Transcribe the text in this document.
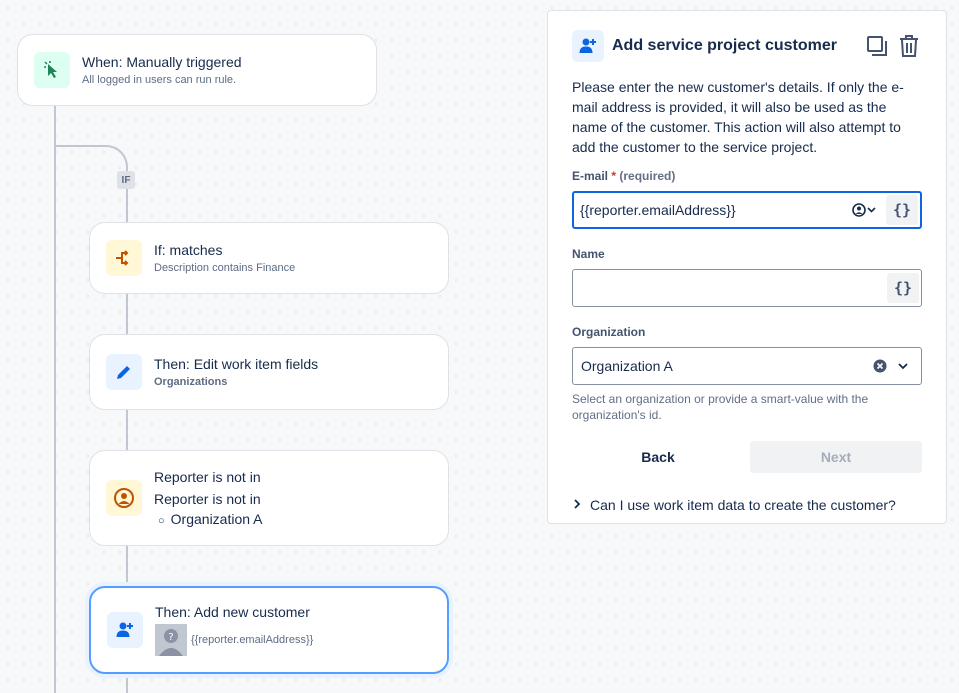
IF
When: Manually triggered
All logged in users can run rule.
If: matches
Description contains Finance
Then: Edit work item fields
Organizations
Reporter is not in
Reporter is not in
○ Organization A
Then: Add new customer
? {{reporter.emailAddress}}
Add service project customer

Please enter the new customer's details. If only the e-mail address is provided, it will also be used as the name of the customer. This action will also attempt to add the customer to the service project.

E-mail * (required)
{{reporter.emailAddress}}	{}
Name
{}
Organization
Organization A
Select an organization or provide a smart-value with the organization's id.
Back	Next
Can I use work item data to create the customer?
